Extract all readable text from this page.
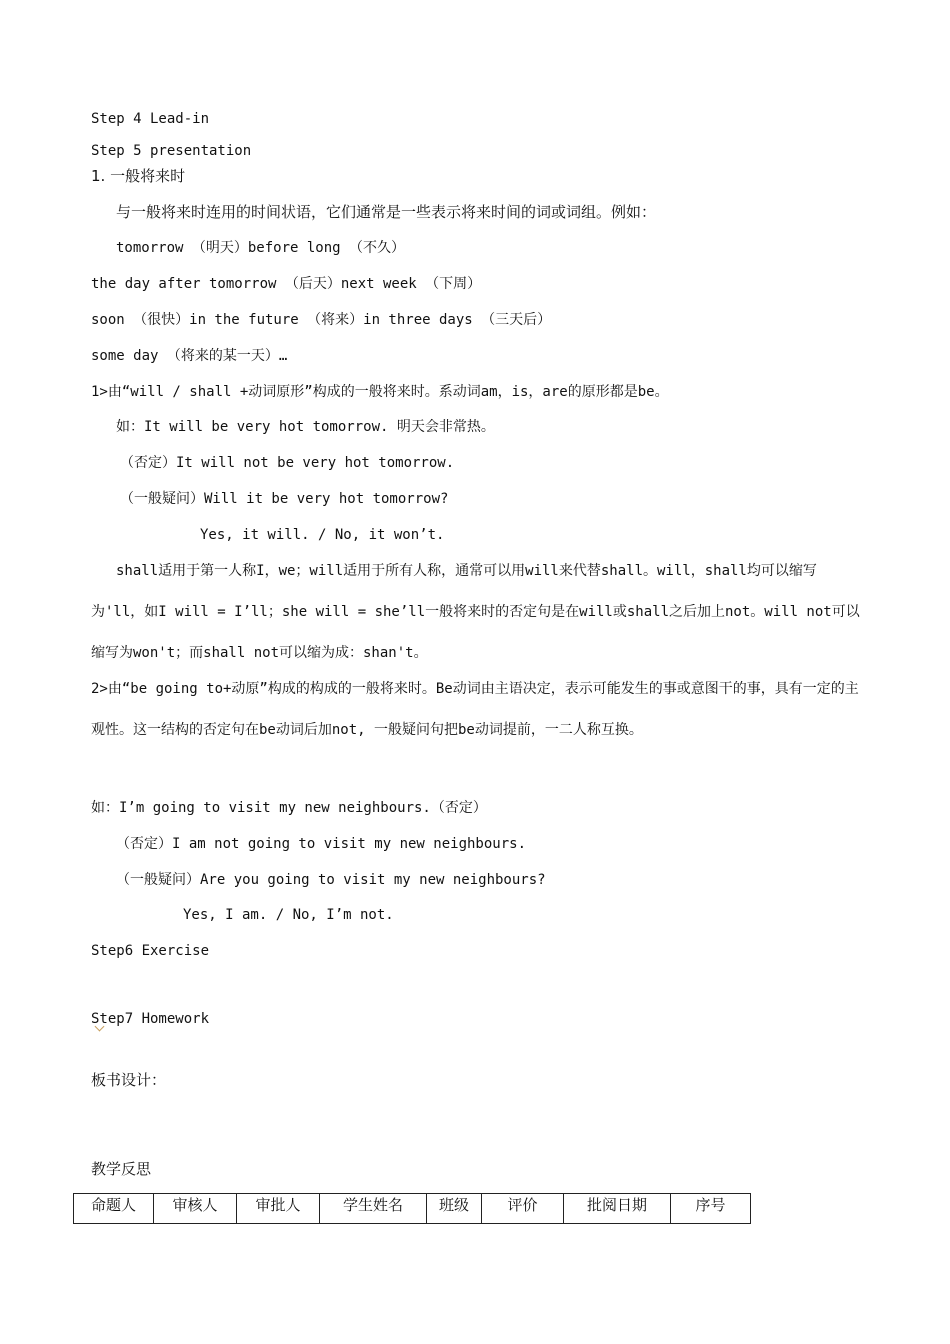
Step 4 Lead-in
Step 5 presentation
1. 一般将来时
与一般将来时连用的时间状语，它们通常是一些表示将来时间的词或词组。例如：
tomorrow （明天）before long （不久）
the day after tomorrow （后天）next week （下周）
soon （很快）in the future （将来）in three days （三天后）
some day （将来的某一天）…
1>由“will / shall +动词原形”构成的一般将来时。系动词am，is，are的原形都是be。
如：It will be very hot tomorrow. 明天会非常热。
（否定）It will not be very hot tomorrow.
（一般疑问）Will it be very hot tomorrow?
Yes, it will. / No, it won’t.
shall适用于第一人称I，we；will适用于所有人称，通常可以用will来代替shall。will，shall均可以缩写为'll，如I will = I’ll；she will = she’ll一般将来时的否定句是在will或shall之后加上not。will not可以缩写为won't；而shall not可以缩为成：shan't。
2>由“be going to+动原”构成的构成的一般将来时。Be动词由主语决定，表示可能发生的事或意图干的事，具有一定的主观性。这一结构的否定句在be动词后加not, 一般疑问句把be动词提前，一二人称互换。
如：I’m going to visit my new neighbours.（否定）
（否定）I am not going to visit my new neighbours.
（一般疑问）Are you going to visit my new neighbours?
Yes, I am. / No, I’m not.
Step6 Exercise
Step7 Homework
板书设计：
教学反思
命题人	审核人	审批人	学生姓名	班级	评价	批阅日期	序号
